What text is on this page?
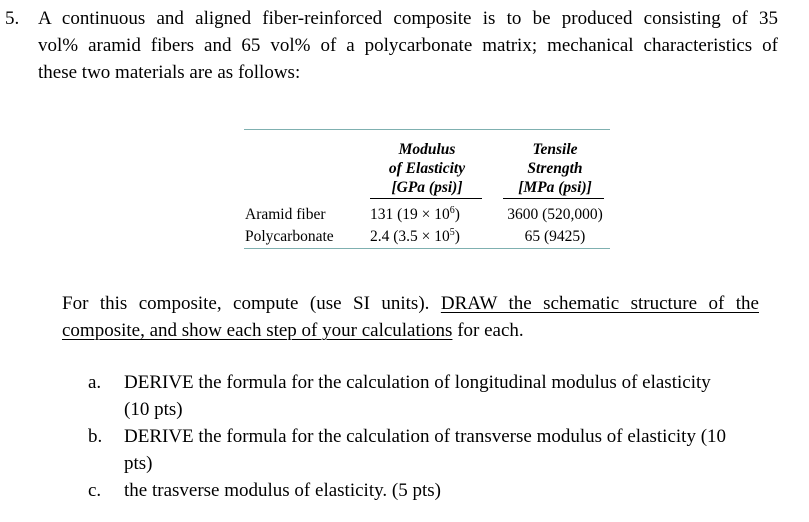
5. A continuous and aligned fiber-reinforced composite is to be produced consisting of 35
vol% aramid fibers and 65 vol% of a polycarbonate matrix; mechanical characteristics of
these two materials are as follows:
Modulus
of Elasticity
[GPa (psi)]
Tensile
Strength
[MPa (psi)]
Aramid fiber	131 $(19 \times 10^6)$	3600 (520,000)
Polycarbonate 2.4 $(3.5 \times 10^5)$	65 (9425)
For this composite, compute (use SI units). DRAW the schematic structure of the
composite, and show each step of your calculations for each.
a. DERIVE the formula for the calculation of longitudinal modulus of elasticity
(10 pts)
b. DERIVE the formula for the calculation of transverse modulus of elasticity (10
pts)
c. the trasverse modulus of elasticity. (5 pts)
